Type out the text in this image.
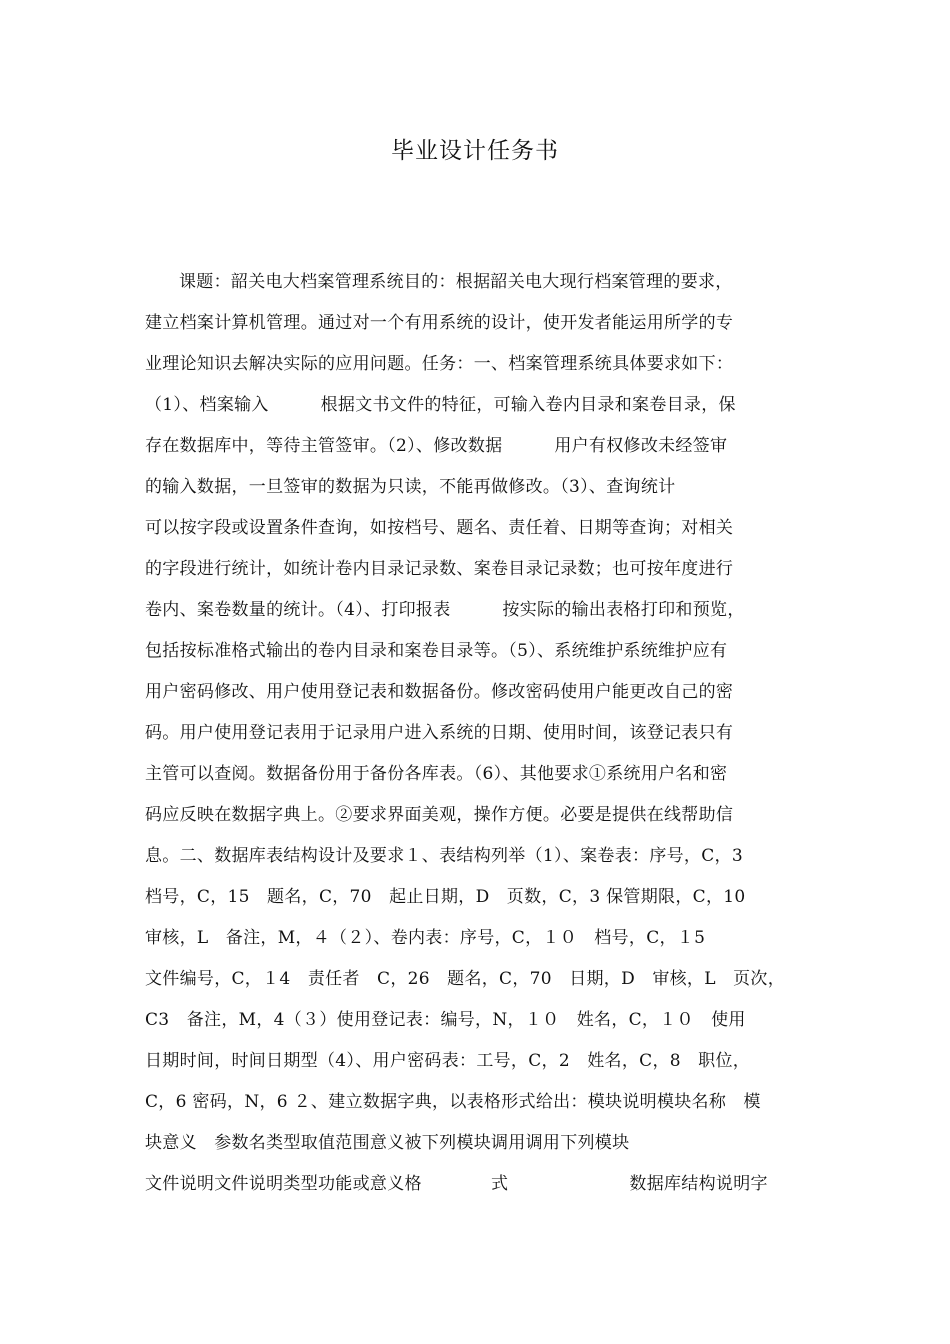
毕业设计任务书
课题：韶关电大档案管理系统目的：根据韶关电大现行档案管理的要求，
建立档案计算机管理。通过对一个有用系统的设计，使开发者能运用所学的专
业理论知识去解决实际的应用问题。任务：一、档案管理系统具体要求如下：
（1）、档案输入　　　根据文书文件的特征，可输入卷内目录和案卷目录，保
存在数据库中，等待主管签审。（2）、修改数据　　　用户有权修改未经签审
的输入数据，一旦签审的数据为只读，不能再做修改。（3）、查询统计
可以按字段或设置条件查询，如按档号、题名、责任着、日期等查询；对相关
的字段进行统计，如统计卷内目录记录数、案卷目录记录数；也可按年度进行
卷内、案卷数量的统计。（4）、打印报表　　　按实际的输出表格打印和预览，
包括按标准格式输出的卷内目录和案卷目录等。（5）、系统维护系统维护应有
用户密码修改、用户使用登记表和数据备份。修改密码使用户能更改自己的密
码。用户使用登记表用于记录用户进入系统的日期、使用时间，该登记表只有
主管可以查阅。数据备份用于备份各库表。（6）、其他要求①系统用户名和密
码应反映在数据字典上。②要求界面美观，操作方便。必要是提供在线帮助信
息。二、数据库表结构设计及要求１、表结构列举（1）、案卷表：序号，C，3
档号，C，15　题名，C，70　起止日期，D　页数，C，3 保管期限，C，10
审核，L　备注，M，４（２）、卷内表：序号，C，１０　档号，C，１5
文件编号，C，１4　责任者　C，26　题名，C，70　日期，D　审核，L　页次，
C3　备注，M，4（３）使用登记表：编号，N，１０　姓名，C，１０　使用
日期时间，时间日期型（4）、用户密码表：工号，C，2　姓名，C，8　职位，
C，6 密码，N，6 ２、建立数据字典，以表格形式给出：模块说明模块名称　模
块意义　参数名类型取值范围意义被下列模块调用调用下列模块
文件说明文件说明类型功能或意义格　　　　式　　　　　　　数据库结构说明字
